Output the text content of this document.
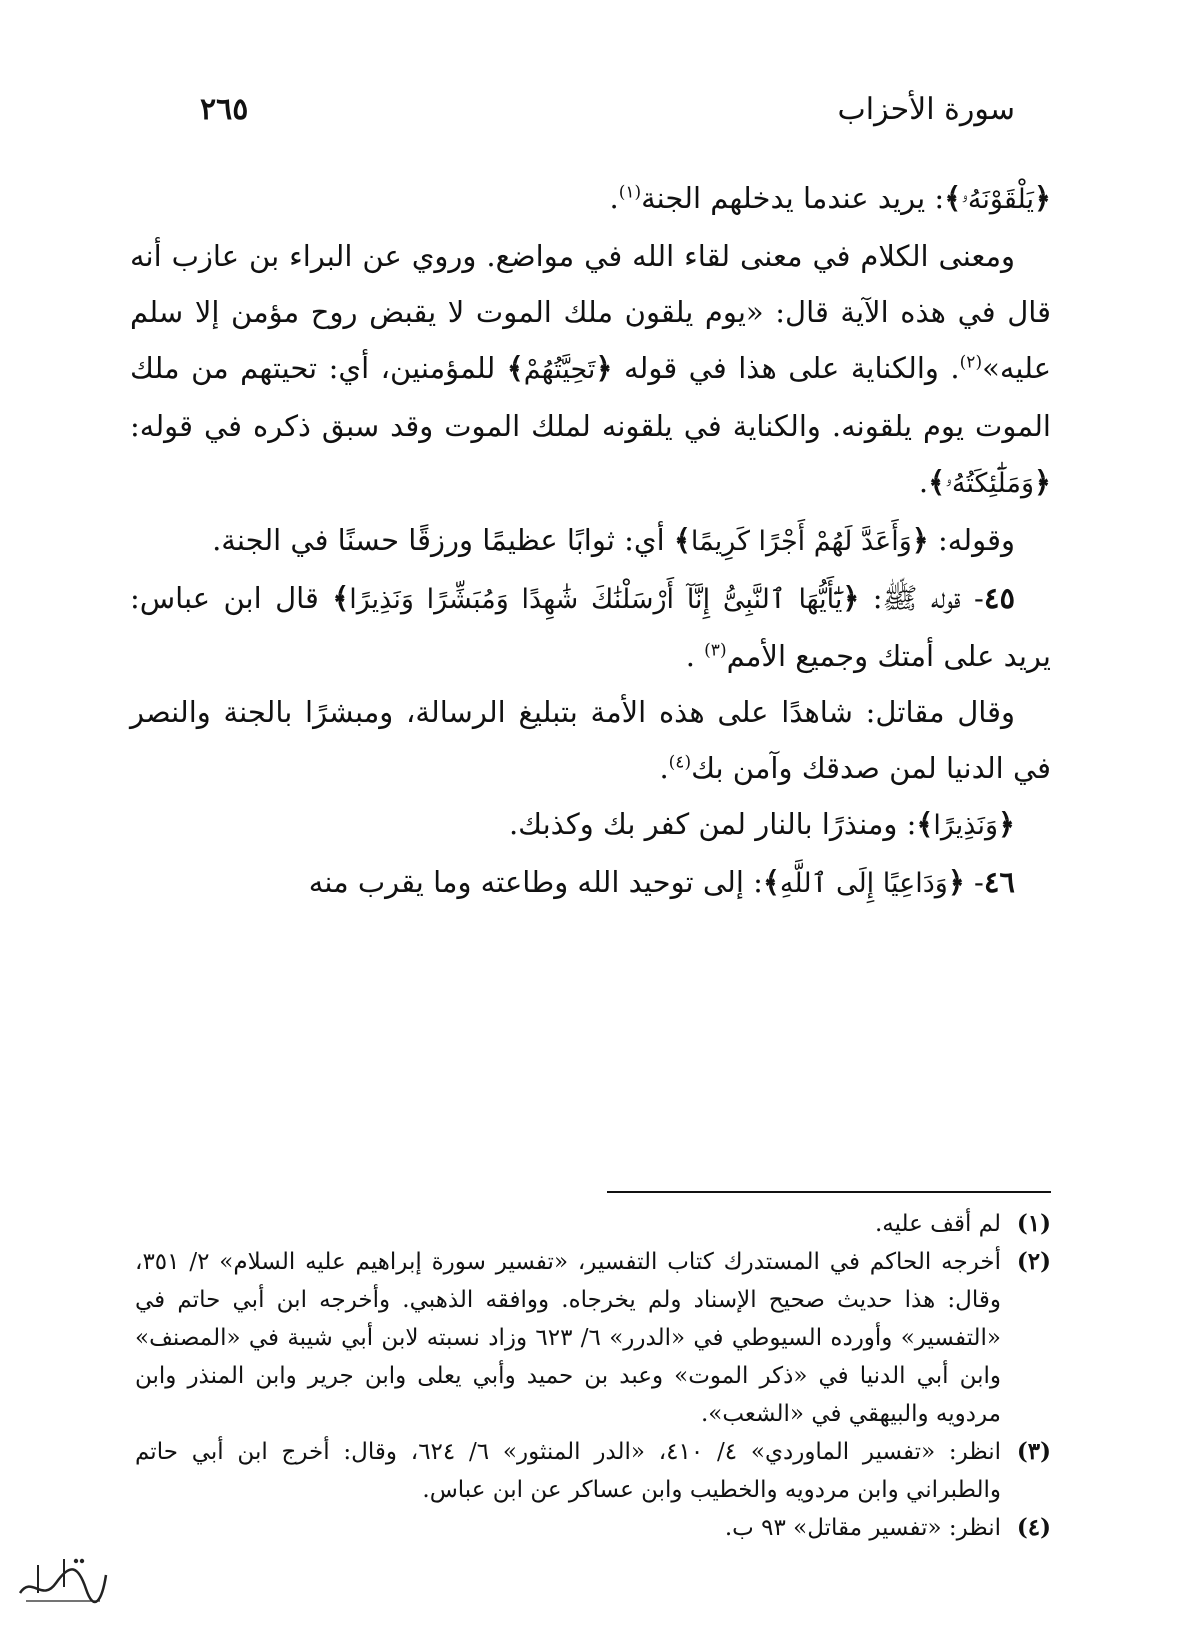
سورة الأحزاب
٢٦٥

﴿يَلْقَوْنَهُۥ﴾: يريد عندما يدخلهم الجنة$^{(١)}$.

ومعنى الكلام في معنى لقاء الله في مواضع. وروي عن البراء بن عازب أنه قال في هذه الآية قال: «يوم يلقون ملك الموت لا يقبض روح مؤمن إلا سلم عليه»$^{(٢)}$. والكناية على هذا في قوله ﴿تَحِيَّتُهُمْ﴾ للمؤمنين، أي: تحيتهم من ملك الموت يوم يلقونه. والكناية في يلقونه لملك الموت وقد سبق ذكره في قوله: ﴿وَمَلَٰٓئِكَتُهُۥ﴾.

وقوله: ﴿وَأَعَدَّ لَهُمْ أَجْرًا كَرِيمًا﴾ أي: ثوابًا عظيمًا ورزقًا حسنًا في الجنة.

٤٥- قوله ﷺ: ﴿يَٰٓأَيُّهَا ٱلنَّبِىُّ إِنَّآ أَرْسَلْنَٰكَ شَٰهِدًا وَمُبَشِّرًا وَنَذِيرًا﴾ قال ابن عباس: يريد على أمتك وجميع الأمم$^{(٣)}$ .

وقال مقاتل: شاهدًا على هذه الأمة بتبليغ الرسالة، ومبشرًا بالجنة والنصر في الدنيا لمن صدقك وآمن بك$^{(٤)}$.

﴿وَنَذِيرًا﴾: ومنذرًا بالنار لمن كفر بك وكذبك.

٤٦- ﴿وَدَاعِيًا إِلَى ٱللَّهِ﴾: إلى توحيد الله وطاعته وما يقرب منه

(١)
لم أقف عليه.
(٢)
أخرجه الحاكم في المستدرك كتاب التفسير، «تفسير سورة إبراهيم عليه السلام» ٢/ ٣٥١، وقال: هذا حديث صحيح الإسناد ولم يخرجاه. ووافقه الذهبي. وأخرجه ابن أبي حاتم في «التفسير» وأورده السيوطي في «الدرر» ٦/ ٦٢٣ وزاد نسبته لابن أبي شيبة في «المصنف» وابن أبي الدنيا في «ذكر الموت» وعبد بن حميد وأبي يعلى وابن جرير وابن المنذر وابن مردويه والبيهقي في «الشعب».
(٣)
انظر: «تفسير الماوردي» ٤/ ٤١٠، «الدر المنثور» ٦/ ٦٢٤، وقال: أخرج ابن أبي حاتم والطبراني وابن مردويه والخطيب وابن عساكر عن ابن عباس.
(٤)
انظر: «تفسير مقاتل» ٩٣ ب.
